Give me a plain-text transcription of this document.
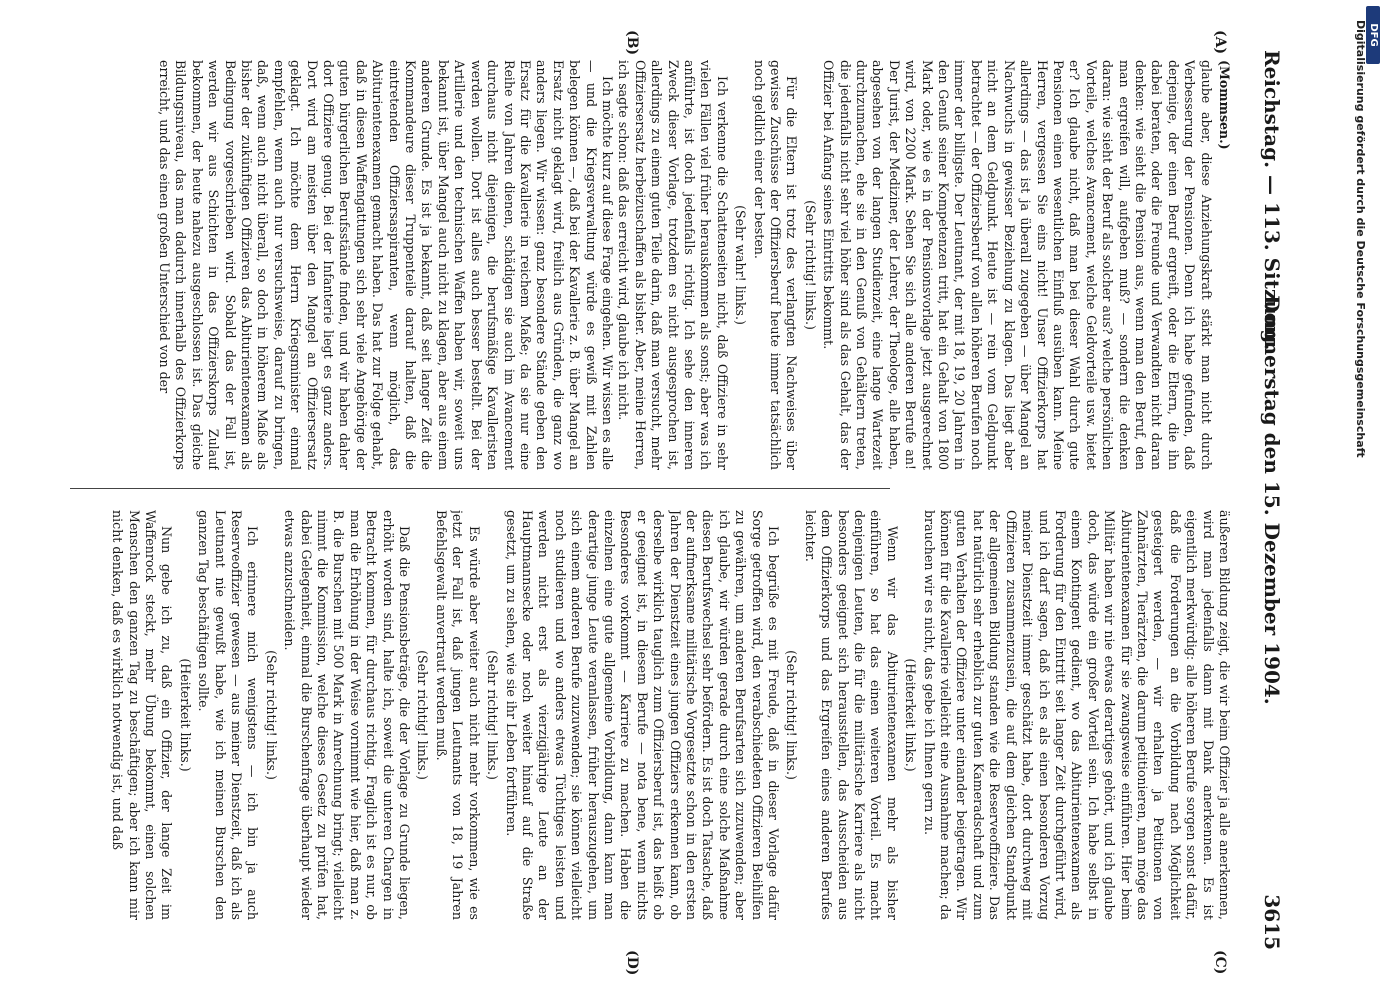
Reichstag. — 113. Sitzung.
Donnerstag den 15. Dezember 1904.
3615
(A)
(B)
(C)
(D)

(Mommsen.)

glaube aber, diese Anziehungskraft stärkt man nicht durch Verbesserung der Pensionen. Denn ich habe gefunden, daß derjenige, der einen Beruf ergreift, oder die Eltern, die ihn dabei beraten, oder die Freunde und Verwandten nicht daran denken: wie sieht die Pension aus, wenn man den Beruf, den man ergreifen will, aufgeben muß? — sondern die denken daran: wie sieht der Beruf als solcher aus? welche persönlichen Vorteile, welches Avancement, welche Geldvorteile usw. bietet er? Ich glaube nicht, daß man bei dieser Wahl durch gute Pensionen einen wesentlichen Einfluß ausüben kann. Meine Herren, vergessen Sie eins nicht! Unser Offizierkorps hat allerdings — das ist ja überall zugegeben — über Mangel an Nachwuchs in gewisser Beziehung zu klagen. Das liegt aber nicht an dem Geldpunkt. Heute ist — rein vom Geldpunkt betrachtet — der Offiziersberuf von allen höheren Berufen noch immer der billigste. Der Leutnant, der mit 18, 19, 20 Jahren in den Genuß seiner Kompetenzen tritt, hat ein Gehalt von 1800 Mark oder, wie es in der Pensionsvorlage jetzt ausgerechnet wird, von 2200 Mark. Sehen Sie sich alle anderen Berufe an! Der Jurist, der Mediziner, der Lehrer, der Theologe, alle haben, abgesehen von der langen Studienzeit, eine lange Wartezeit durchzumachen, ehe sie in den Genuß von Gehältern treten, die jedenfalls nicht sehr viel höher sind als das Gehalt, das der Offizier bei Anfang seines Eintritts bekommt.

(Sehr richtig! links.)

Für die Eltern ist trotz des verlangten Nachweises über gewisse Zuschüsse der Offiziersberuf heute immer tatsächlich noch geldlich einer der besten.

(Sehr wahr! links.)

Ich verkenne die Schattenseiten nicht, daß Offiziere in sehr vielen Fällen viel früher herauskommen als sonst; aber was ich anführte, ist doch jedenfalls richtig. Ich sehe den inneren Zweck dieser Vorlage, trotzdem es nicht ausgesprochen ist, allerdings zu einem guten Teile darin, daß man versucht, mehr Offiziersersatz herbeizuschaffen als bisher. Aber, meine Herren, ich sagte schon: daß das erreicht wird, glaube ich nicht.

Ich möchte kurz auf diese Frage eingehen. Wir wissen es alle — und die Kriegsverwaltung würde es gewiß mit Zahlen belegen können —, daß bei der Kavallerie z. B. über Mangel an Ersatz nicht geklagt wird, freilich aus Gründen, die ganz wo anders liegen. Wir wissen: ganz besondere Stände geben den Ersatz für die Kavallerie in reichem Maße; da sie nur eine Reihe von Jahren dienen, schädigen sie auch im Avancement durchaus nicht diejenigen, die berufsmäßige Kavalleristen werden wollen. Dort ist alles auch besser bestellt. Bei der Artillerie und den technischen Waffen haben wir, soweit uns bekannt ist, über Mangel auch nicht zu klagen, aber aus einem anderen Grunde. Es ist ja bekannt, daß seit langer Zeit die Kommandeure dieser Truppenteile darauf halten, daß die eintretenden Offiziersaspiranten, wenn möglich, das Abiturientenexamen gemacht haben. Das hat zur Folge gehabt, daß in diesen Waffengattungen sich sehr viele Angehörige der guten bürgerlichen Berufsstände finden, und wir haben daher dort Offiziere genug. Bei der Infanterie liegt es ganz anders. Dort wird am meisten über den Mangel an Offiziersersatz geklagt. Ich möchte dem Herrn Kriegsminister einmal empfehlen, wenn auch nur versuchsweise, darauf zu bringen, daß, wenn auch nicht überall, so doch in höherem Maße als bisher der zukünftigen Offizieren das Abiturientenexamen als Bedingung vorgeschrieben wird. Sobald das der Fall ist, werden wir aus Schichten in das Offizierskorps Zulauf bekommen, der heute nahezu ausgeschlossen ist. Das gleiche Bildungsniveau, das man dadurch innerhalb des Offizierkorps erreicht, und das einen großen Unterschied von der

äußeren Bildung zeigt, die wir beim Offizier ja alle anerkennen, wird man jedenfalls dann mit Dank anerkennen. Es ist eigentlich merkwürdig: alle höheren Berufe sorgen sonst dafür, daß die Forderungen an die Vorbildung nach Möglichkeit gesteigert werden, — wir erhalten ja Petitionen von Zahnärzten, Tierärzten, die darum petitionieren, man möge das Abiturientenexamen für sie zwangsweise einführen. Hier beim Militär haben wir nie etwas derartiges gehört, und ich glaube doch, das würde ein großer Vorteil sein. Ich habe selbst in einem Kontingent gedient, wo das Abiturientenexamen als Forderung für den Eintritt seit langer Zeit durchgeführt wird, und ich darf sagen, daß ich es als einen besonderen Vorzug meiner Dienstzeit immer geschätzt habe, dort durchweg mit Offizieren zusammenzusein, die auf dem gleichen Standpunkt der allgemeinen Bildung standen wie die Reserveoffiziere. Das hat natürlich sehr erheblich zur guten Kameradschaft und zum guten Verhalten der Offiziere unter einander beigetragen. Wir können für die Kavallerie vielleicht eine Ausnahme machen; da brauchen wir es nicht, das gebe ich Ihnen gern zu.

(Heiterkeit links.)

Wenn wir das Abiturientenexamen mehr als bisher einführen, so hat das einen weiteren Vorteil. Es macht denjenigen Leuten, die für die militärische Karriere als nicht besonders geeignet sich herausstellen, das Ausscheiden aus dem Offizierkorps und das Ergreifen eines anderen Berufes leichter.

(Sehr richtig! links.)

Ich begrüße es mit Freude, daß in dieser Vorlage dafür Sorge getroffen wird, den verabschiedeten Offizieren Beihilfen zu gewähren, um anderen Berufsarten sich zuzuwenden; aber ich glaube, wir würden gerade durch eine solche Maßnahme diesen Berufswechsel sehr befördern. Es ist doch Tatsache, daß der aufmerksame militärische Vorgesetzte schon in den ersten Jahren der Dienstzeit eines jungen Offiziers erkennen kann, ob derselbe wirklich tauglich zum Offiziersberuf ist, das heißt ob er geeignet ist, in diesem Berufe — nota bene, wenn nichts Besonderes vorkommt — Karriere zu machen. Haben die einzelnen eine gute allgemeine Vorbildung, dann kann man derartige junge Leute veranlassen, früher herauszugehen, um sich einem anderen Berufe zuzuwenden; sie können vielleicht noch studieren und wo anders etwas Tüchtiges leisten und werden nicht erst als vierzigjährige Leute an der Hauptmannsecke oder noch weiter hinauf auf die Straße gesetzt, um zu sehen, wie sie ihr Leben fortführen.

(Sehr richtig! links.)

Es würde aber weiter auch nicht mehr vorkommen, wie es jetzt der Fall ist, daß jungen Leutnants von 18, 19 Jahren Befehlsgewalt anvertraut werden muß.

(Sehr richtig! links.)

Daß die Pensionsbeträge, die der Vorlage zu Grunde liegen, erhöht worden sind, halte ich, soweit die unteren Chargen in Betracht kommen, für durchaus richtig. Fraglich ist es nur, ob man die Erhöhung in der Weise vornimmt wie hier, daß man z. B. die Burschen mit 500 Mark in Anrechnung bringt; vielleicht nimmt die Kommission, welche dieses Gesetz zu prüfen hat, dabei Gelegenheit, einmal die Burschenfrage überhaupt wieder etwas anzuschneiden.

(Sehr richtig! links.)

Ich erinnere mich wenigstens — ich bin ja auch Reserveoffizier gewesen — aus meiner Dienstzeit, daß ich als Leutnant nie gewußt habe, wie ich meinen Burschen den ganzen Tag beschäftigen sollte.

(Heiterkeit links.)

Nun gebe ich zu, daß ein Offizier, der lange Zeit im Waffenrock steckt, mehr Übung bekommt, einen solchen Menschen den ganzen Tag zu beschäftigen; aber ich kann mir nicht denken, daß es wirklich notwendig ist, und daß

DFG
Digitalisierung gefördert durch die Deutsche Forschungsgemeinschaft
